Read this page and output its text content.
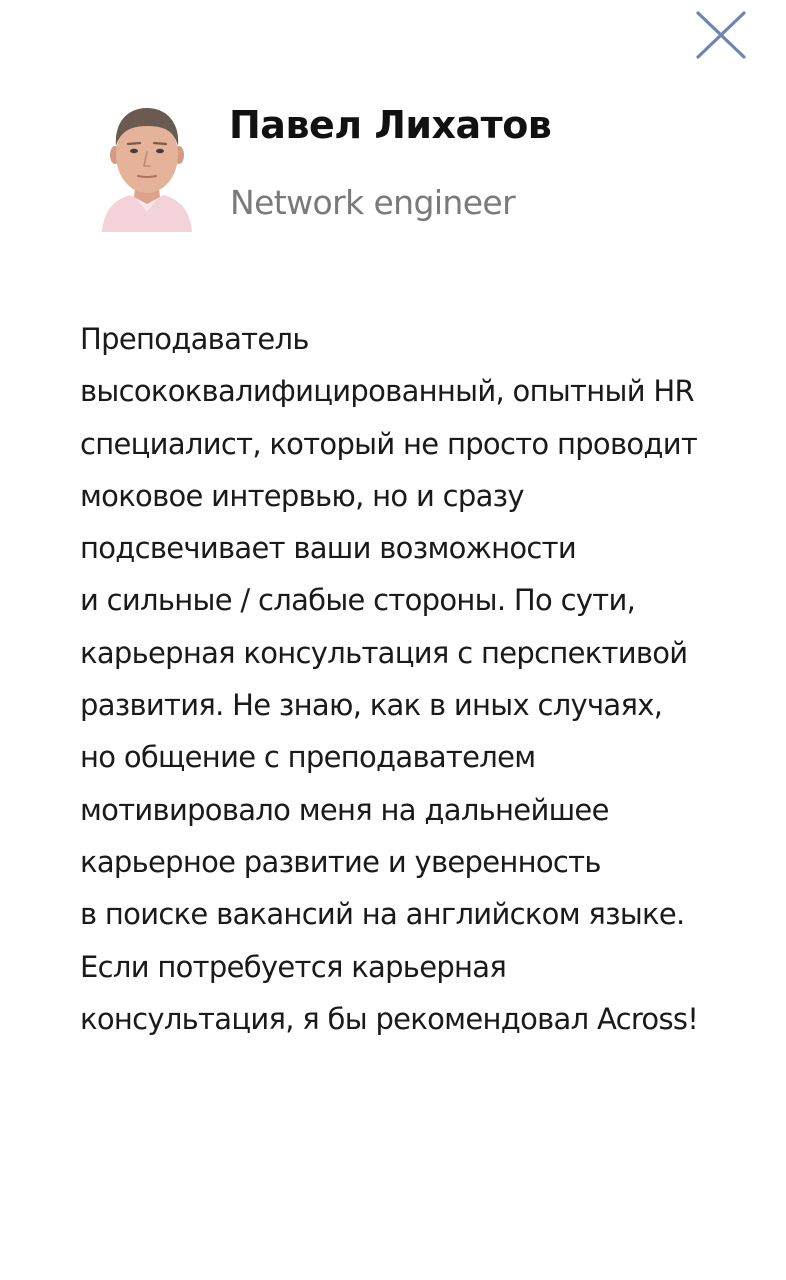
Павел Лихатов
Network engineer
Преподаватель
высококвалифицированный, опытный HR
специалист, который не просто проводит
моковое интервью, но и сразу
подсвечивает ваши возможности
и сильные / слабые стороны. По сути,
карьерная консультация с перспективой
развития. Не знаю, как в иных случаях,
но общение с преподавателем
мотивировало меня на дальнейшее
карьерное развитие и уверенность
в поиске вакансий на английском языке.
Если потребуется карьерная
консультация, я бы рекомендовал Across!
